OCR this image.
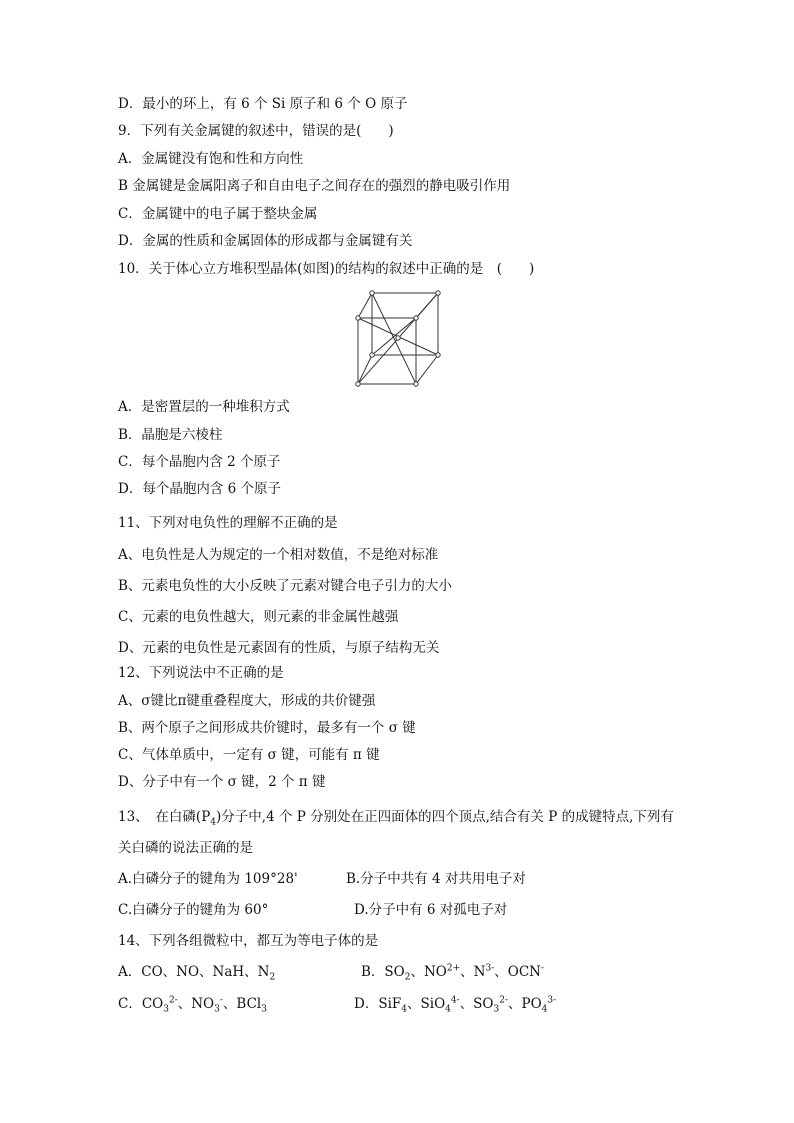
D．最小的环上，有 6 个 Si 原子和 6 个 O 原子
9．下列有关金属键的叙述中，错误的是(　　)
A．金属键没有饱和性和方向性
B 金属键是金属阳离子和自由电子之间存在的强烈的静电吸引作用
C．金属键中的电子属于整块金属
D．金属的性质和金属固体的形成都与金属键有关
10．关于体心立方堆积型晶体(如图)的结构的叙述中正确的是　(　　)
A．是密置层的一种堆积方式
B．晶胞是六棱柱
C．每个晶胞内含 2 个原子
D．每个晶胞内含 6 个原子
11、下列对电负性的理解不正确的是
A、电负性是人为规定的一个相对数值，不是绝对标准
B、元素电负性的大小反映了元素对键合电子引力的大小
C、元素的电负性越大，则元素的非金属性越强
D、元素的电负性是元素固有的性质，与原子结构无关
12、下列说法中不正确的是
A、σ键比π键重叠程度大，形成的共价键强
B、两个原子之间形成共价键时，最多有一个 σ 键
C、气体单质中，一定有 σ 键，可能有 π 键
D、分子中有一个 σ 键，2 个 π 键
13、　在白磷$(P_4)$分子中,4 个 P 分别处在正四面体的四个顶点,结合有关 P 的成键特点,下列有
关白磷的说法正确的是
A.白磷分子的键角为 109°28'	B.分子中共有 4 对共用电子对
C.白磷分子的键角为 60°	D.分子中有 6 对孤电子对
14、下列各组微粒中，都互为等电子体的是
A．CO、NO、NaH、$N_2$	B．$SO_2$、$NO^{2+}$、$N^{3-}$、OCN-
C．$CO_3^{2-}$、$NO_3^-$、BCl$_3$	D．SiF$_4$、SiO$_4^{4-}$、$SO_3^{2-}$、$PO_4^{3-}$
